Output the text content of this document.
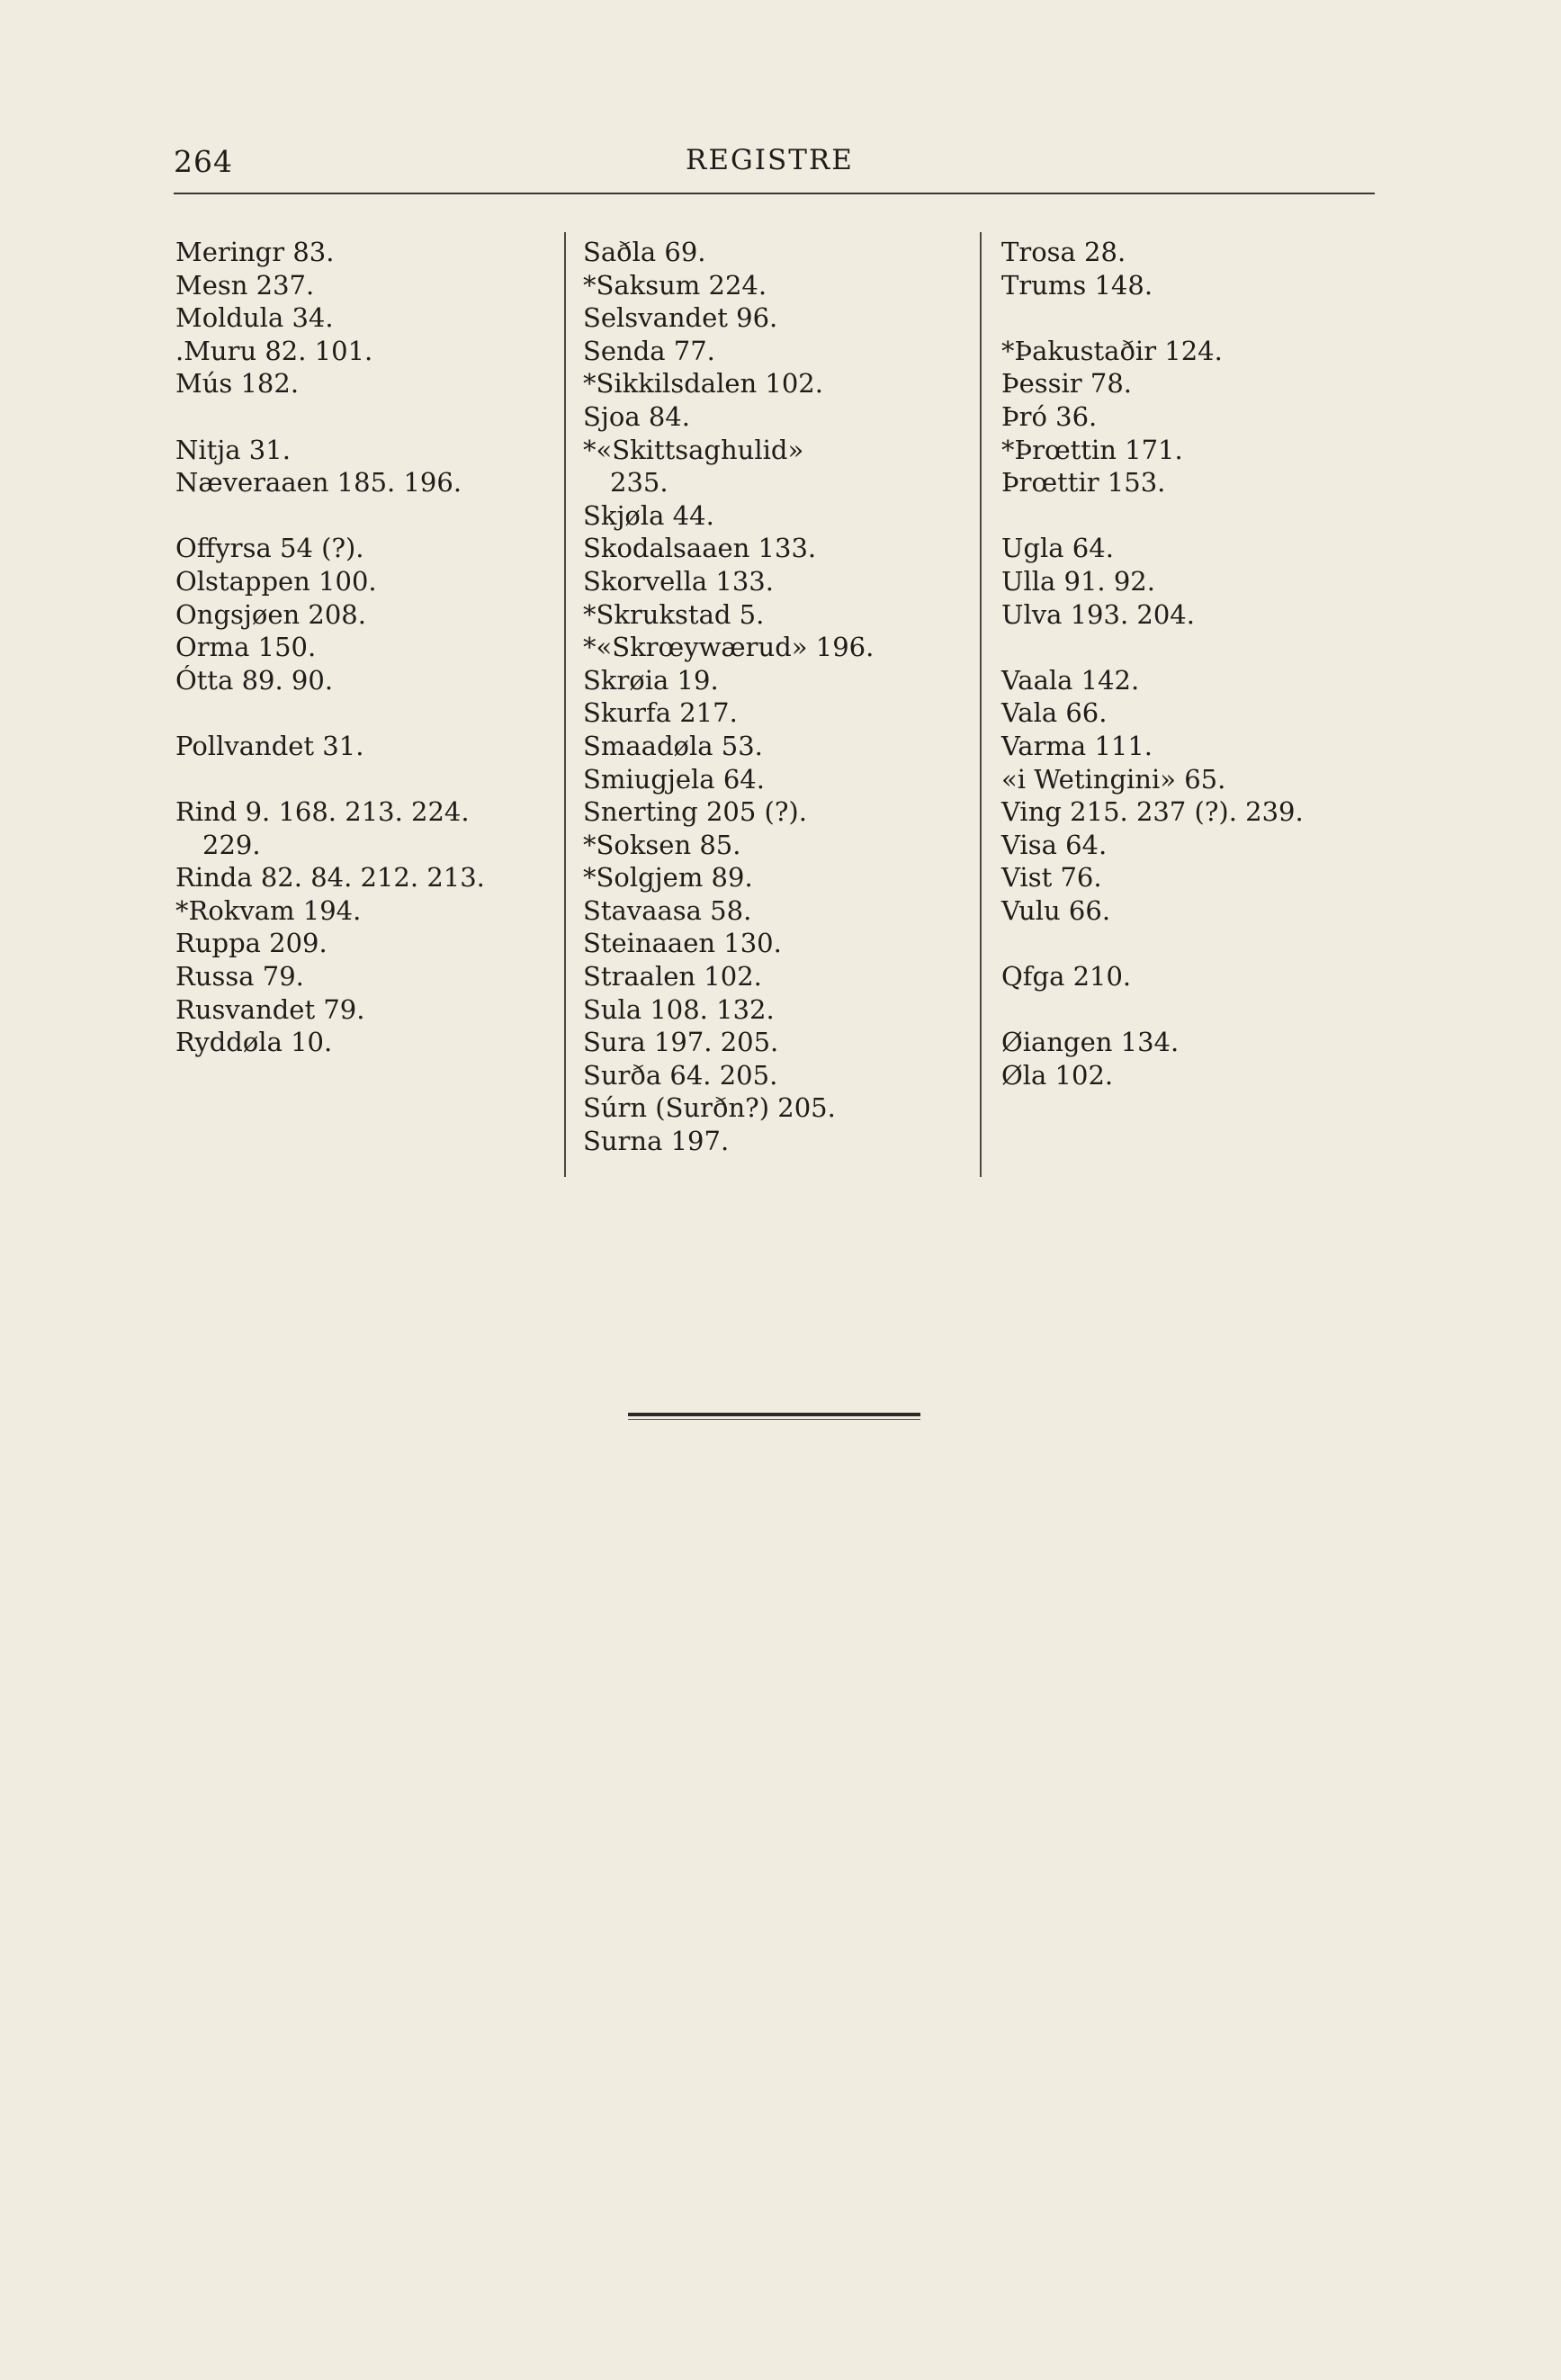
264	REGISTRE
Meringr 83.
Mesn 237.
Moldula 34.
.Muru 82. 101.
Mús 182.
Nitja 31.
Næveraaen 185. 196.
Offyrsa 54 (?).
Olstappen 100.
Ongsjøen 208.
Orma 150.
Ótta 89. 90.
Pollvandet 31.
Rind 9. 168. 213. 224.
229.
Rinda 82. 84. 212. 213.
*Rokvam 194.
Ruppa 209.
Russa 79.
Rusvandet 79.
Ryddøla 10.
Saðla 69.
*Saksum 224.
Selsvandet 96.
Senda 77.
*Sikkilsdalen 102.
Sjoa 84.
*«Skittsaghulid»
235.
Skjøla 44.
Skodalsaaen 133.
Skorvella 133.
*Skrukstad 5.
*«Skrœywærud» 196.
Skrøia 19.
Skurfa 217.
Smaadøla 53.
Smiugjela 64.
Snerting 205 (?).
*Soksen 85.
*Solgjem 89.
Stavaasa 58.
Steinaaen 130.
Straalen 102.
Sula 108. 132.
Sura 197. 205.
Surða 64. 205.
Súrn (Surðn?) 205.
Surna 197.
Trosa 28.
Trums 148.
*Þakustaðir 124.
Þessir 78.
Þró 36.
*Þrœttin 171.
Þrœttir 153.
Ugla 64.
Ulla 91. 92.
Ulva 193. 204.
Vaala 142.
Vala 66.
Varma 111.
«i Wetingini» 65.
Ving 215. 237 (?). 239.
Visa 64.
Vist 76.
Vulu 66.
Qfga 210.
Øiangen 134.
Øla 102.
